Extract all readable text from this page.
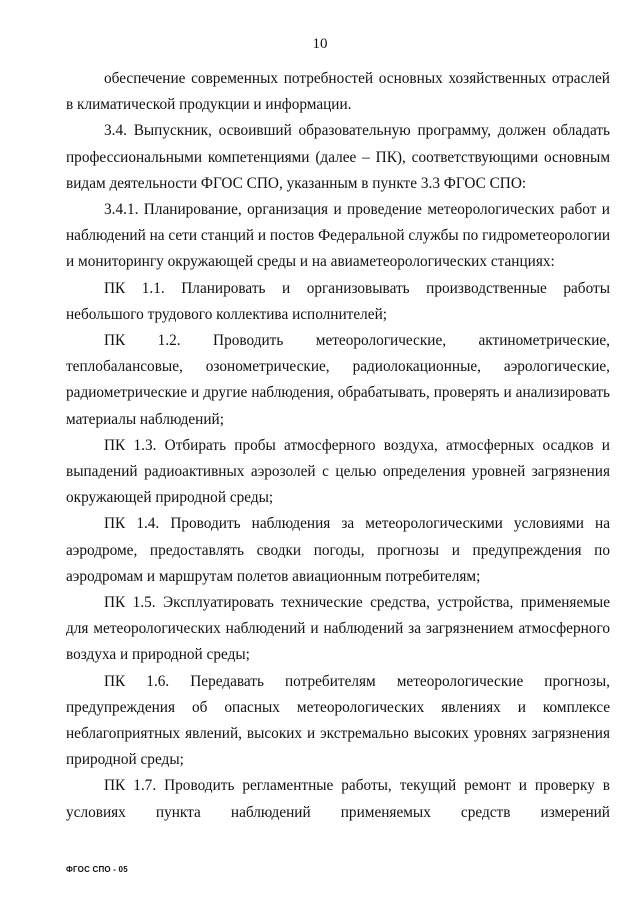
10

обеспечение современных потребностей основных хозяйственных отраслей в климатической продукции и информации.

3.4. Выпускник, освоивший образовательную программу, должен обладать профессиональными компетенциями (далее – ПК), соответствующими основным видам деятельности ФГОС СПО, указанным в пункте 3.3 ФГОС СПО:

3.4.1. Планирование, организация и проведение метеорологических работ и наблюдений на сети станций и постов Федеральной службы по гидрометеорологии и мониторингу окружающей среды и на авиаметеорологических станциях:

ПК 1.1. Планировать и организовывать производственные работы небольшого трудового коллектива исполнителей;

ПК 1.2. Проводить метеорологические, актинометрические, теплобалансовые, озонометрические, радиолокационные, аэрологические, радиометрические и другие наблюдения, обрабатывать, проверять и анализировать материалы наблюдений;

ПК 1.3. Отбирать пробы атмосферного воздуха, атмосферных осадков и выпадений радиоактивных аэрозолей с целью определения уровней загрязнения окружающей природной среды;

ПК 1.4. Проводить наблюдения за метеорологическими условиями на аэродроме, предоставлять сводки погоды, прогнозы и предупреждения по аэродромам и маршрутам полетов авиационным потребителям;

ПК 1.5. Эксплуатировать технические средства, устройства, применяемые для метеорологических наблюдений и наблюдений за загрязнением атмосферного воздуха и природной среды;

ПК 1.6. Передавать потребителям метеорологические прогнозы, предупреждения об опасных метеорологических явлениях и комплексе неблагоприятных явлений, высоких и экстремально высоких уровнях загрязнения природной среды;

ПК 1.7. Проводить регламентные работы, текущий ремонт и проверку в условиях пункта наблюдений применяемых средств измерений

ФГОС СПО - 05
